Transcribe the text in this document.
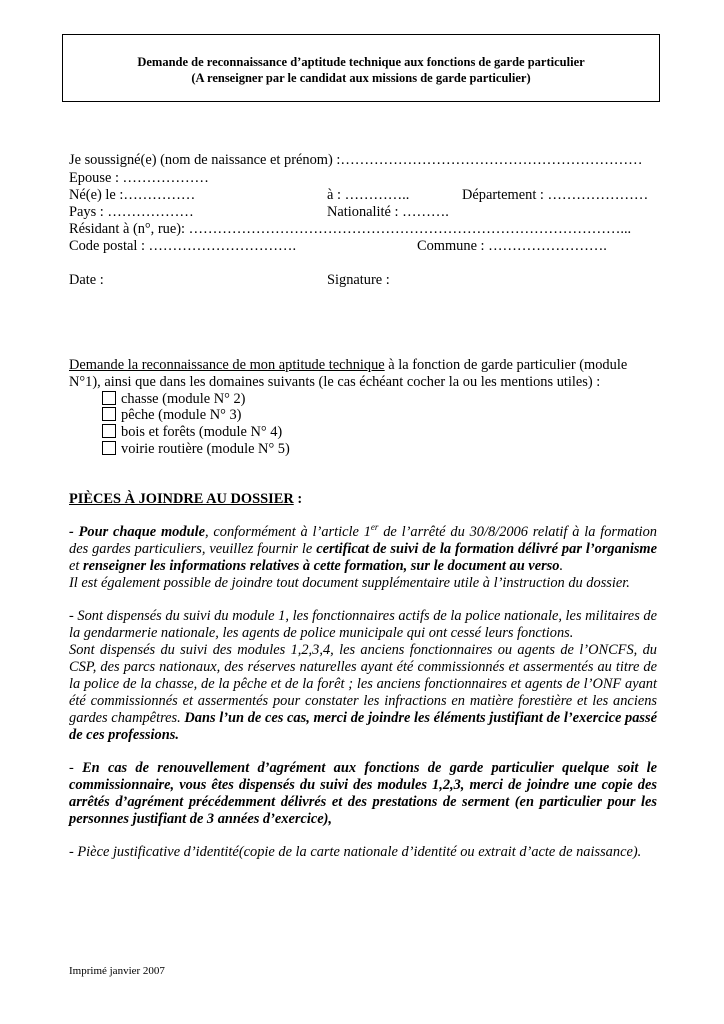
Demande de reconnaissance d’aptitude technique aux fonctions de garde particulier
(A renseigner par le candidat aux missions de garde particulier)
Je soussigné(e) (nom de naissance et prénom) :………………………………………………………
Epouse : ………………
Né(e) le :……………	à : …………..	Département : …………………
Pays : ………………	Nationalité : ……….
Résidant à (n°, rue): ………………………………………………………………………………...
Code postal : ………………………….	Commune : …………………….
Date :	Signature :
Demande la reconnaissance de mon aptitude technique à la fonction de garde particulier (module
N°1), ainsi que dans les domaines suivants (le cas échéant cocher la ou les mentions utiles) :
chasse (module N° 2)
pêche (module N° 3)
bois et forêts (module N° 4)
voirie routière (module N° 5)
PIÈCES À JOINDRE AU DOSSIER :
- Pour chaque module, conformément à l’article 1er de l’arrêté du 30/8/2006 relatif à la formation des gardes particuliers, veuillez fournir le certificat de suivi de la formation délivré par l’organisme et renseigner les informations relatives à cette formation, sur le document au verso.
Il est également possible de joindre tout document supplémentaire utile à l’instruction du dossier.
- Sont dispensés du suivi du module 1, les fonctionnaires actifs de la police nationale, les militaires de la gendarmerie nationale, les agents de police municipale qui ont cessé leurs fonctions.
Sont dispensés du suivi des modules 1,2,3,4, les anciens fonctionnaires ou agents de l’ONCFS, du CSP, des parcs nationaux, des réserves naturelles ayant été commissionnés et assermentés au titre de la police de la chasse, de la pêche et de la forêt ; les anciens fonctionnaires et agents de l’ONF ayant été commissionnés et assermentés pour constater les infractions en matière forestière et les anciens gardes champêtres. Dans l’un de ces cas, merci de joindre les éléments justifiant de l’exercice passé de ces professions.
- En cas de renouvellement d’agrément aux fonctions de garde particulier quelque soit le commissionnaire, vous êtes dispensés du suivi des modules 1,2,3, merci de joindre une copie des arrêtés d’agrément précédemment délivrés et des prestations de serment (en particulier pour les personnes justifiant de 3 années d’exercice),
- Pièce justificative d’identité(copie de la carte nationale d’identité ou extrait d’acte de naissance).
Imprimé janvier 2007
